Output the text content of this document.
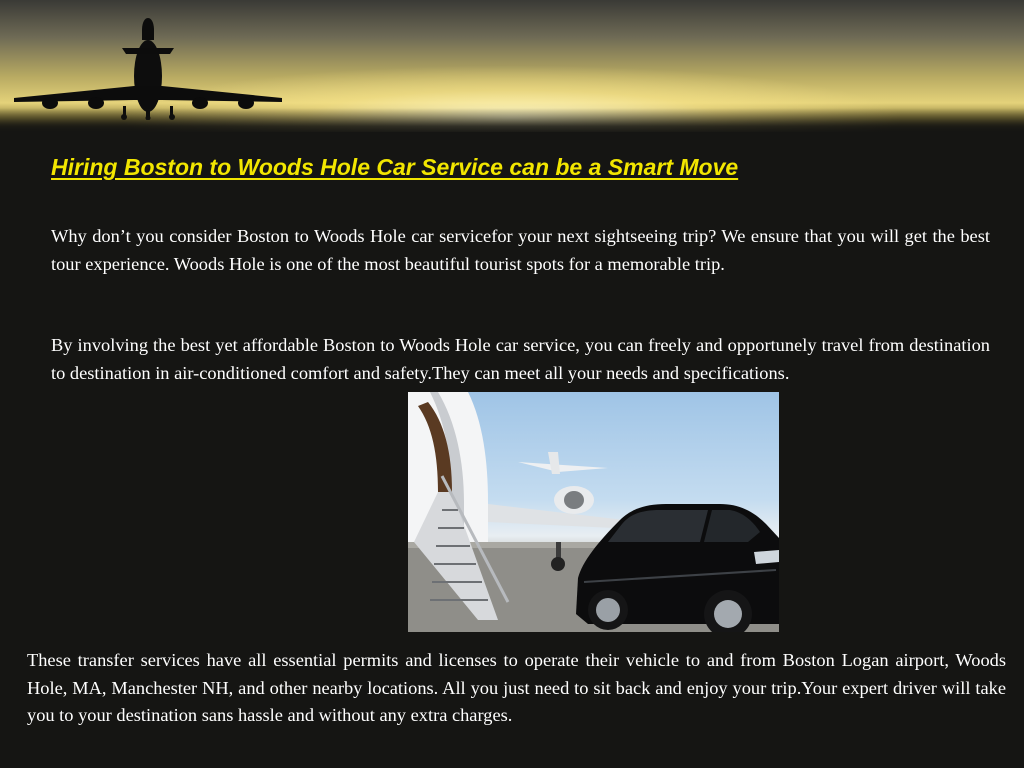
Hiring Boston to Woods Hole Car Service can be a Smart Move

Why don’t you consider Boston to Woods Hole car servicefor your next sightseeing trip? We ensure that you will get the best tour experience. Woods Hole is one of the most beautiful tourist spots for a memorable trip.

By involving the best yet affordable Boston to Woods Hole car service, you can freely and opportunely travel from destination to destination in air-conditioned comfort and safety.They can meet all your needs and specifications.

These transfer services have all essential permits and licenses to operate their vehicle to and from Boston Logan airport, Woods Hole, MA, Manchester NH, and other nearby locations. All you just need to sit back and enjoy your trip.Your expert driver will take you to your destination sans hassle and without any extra charges.
